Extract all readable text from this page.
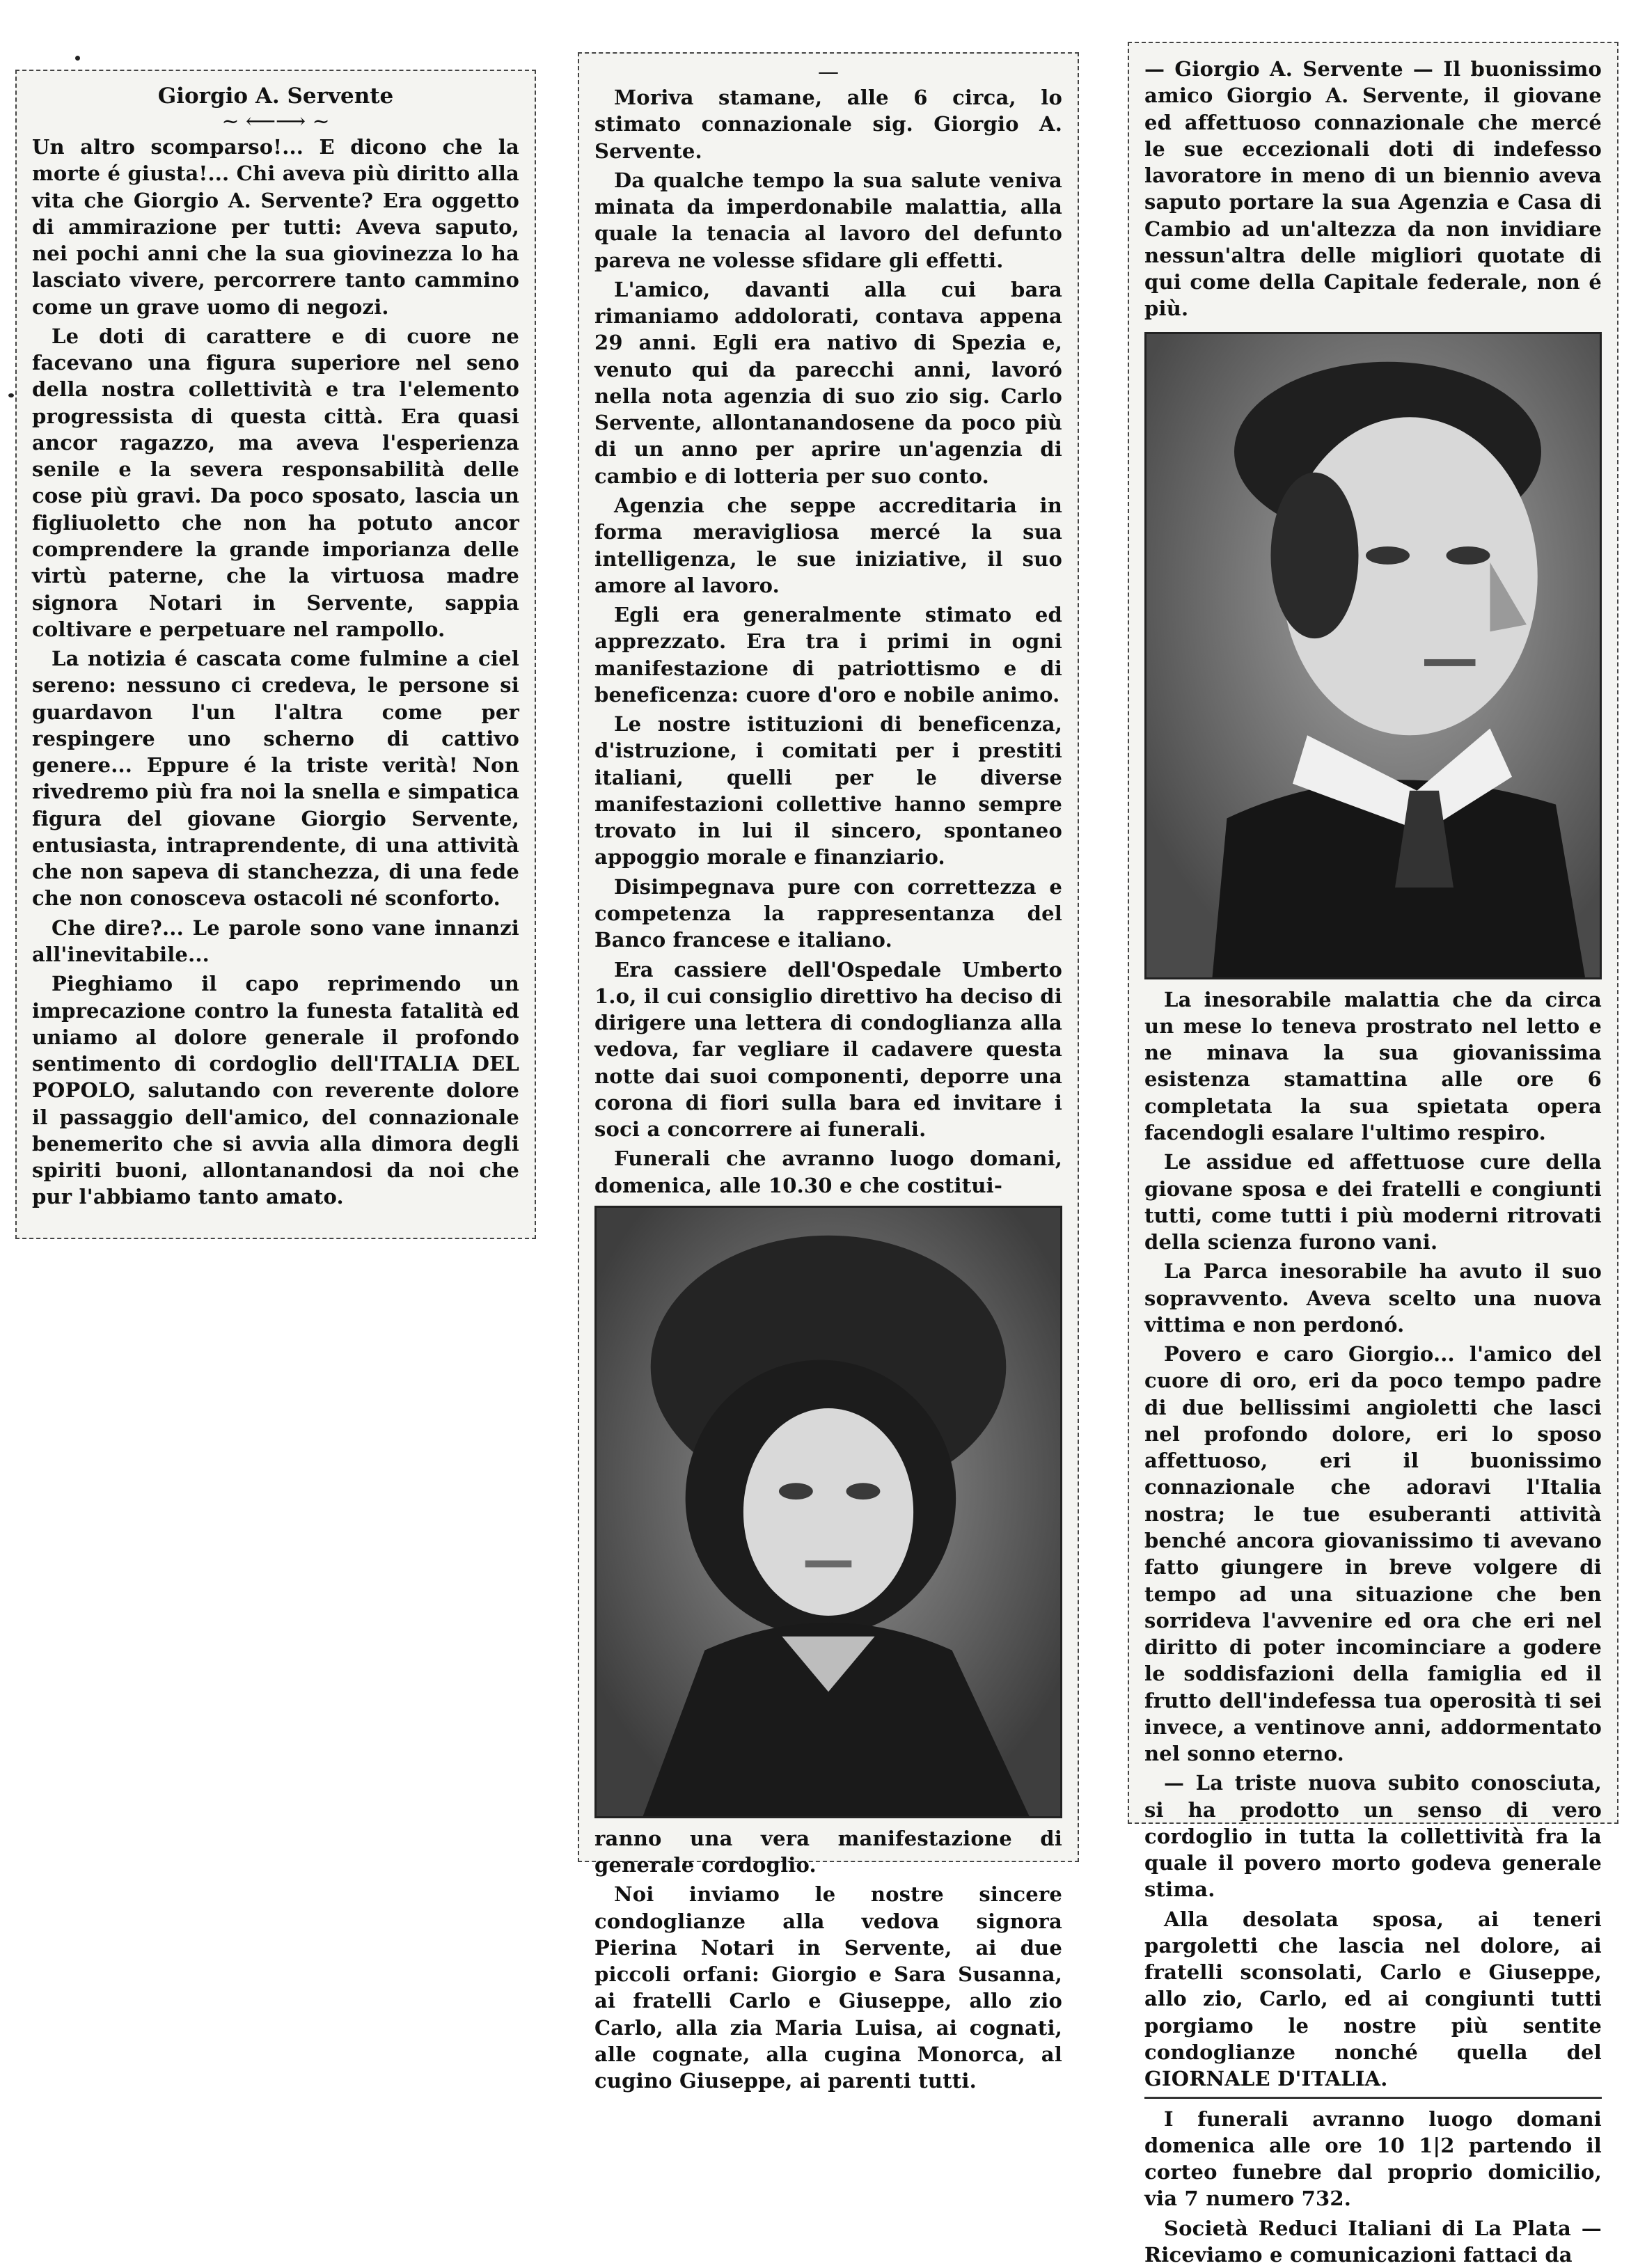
Giorgio A. Servente
~ ⟵⟶ ~

Un altro scomparso!... E dicono che la morte é giusta!... Chi aveva più diritto alla vita che Giorgio A. Servente? Era oggetto di ammirazione per tutti: Aveva saputo, nei pochi anni che la sua giovinezza lo ha lasciato vivere, percorrere tanto cammino come un grave uomo di negozi.

Le doti di carattere e di cuore ne facevano una figura superiore nel seno della nostra collettività e tra l'elemento progressista di questa città. Era quasi ancor ragazzo, ma aveva l'esperienza senile e la severa responsabilità delle cose più gravi. Da poco sposato, lascia un figliuoletto che non ha potuto ancor comprendere la grande imporianza delle virtù paterne, che la virtuosa madre signora Notari in Servente, sappia coltivare e perpetuare nel rampollo.

La notizia é cascata come fulmine a ciel sereno: nessuno ci credeva, le persone si guardavon l'un l'altra come per respingere uno scherno di cattivo genere... Eppure é la triste verità! Non rivedremo più fra noi la snella e simpatica figura del giovane Giorgio Servente, entusiasta, intraprendente, di una attività che non sapeva di stanchezza, di una fede che non conosceva ostacoli né sconforto.

Che dire?... Le parole sono vane innanzi all'inevitabile...

Pieghiamo il capo reprimendo un imprecazione contro la funesta fatalità ed uniamo al dolore generale il profondo sentimento di cordoglio dell'ITALIA DEL POPOLO, salutando con reverente dolore il passaggio dell'amico, del connazionale benemerito che si avvia alla dimora degli spiriti buoni, allontanandosi da noi che pur l'abbiamo tanto amato.

—

Moriva stamane, alle 6 circa, lo stimato connazionale sig. Giorgio A. Servente.

Da qualche tempo la sua salute veniva minata da imperdonabile malattia, alla quale la tenacia al lavoro del defunto pareva ne volesse sfidare gli effetti.

L'amico, davanti alla cui bara rimaniamo addolorati, contava appena 29 anni. Egli era nativo di Spezia e, venuto qui da parecchi anni, lavoró nella nota agenzia di suo zio sig. Carlo Servente, allontanandosene da poco più di un anno per aprire un'agenzia di cambio e di lotteria per suo conto.

Agenzia che seppe accreditaria in forma meravigliosa mercé la sua intelligenza, le sue iniziative, il suo amore al lavoro.

Egli era generalmente stimato ed apprezzato. Era tra i primi in ogni manifestazione di patriottismo e di beneficenza: cuore d'oro e nobile animo.

Le nostre istituzioni di beneficenza, d'istruzione, i comitati per i prestiti italiani, quelli per le diverse manifestazioni collettive hanno sempre trovato in lui il sincero, spontaneo appoggio morale e finanziario.

Disimpegnava pure con correttezza e competenza la rappresentanza del Banco francese e italiano.

Era cassiere dell'Ospedale Umberto 1.o, il cui consiglio direttivo ha deciso di dirigere una lettera di condoglianza alla vedova, far vegliare il cadavere questa notte dai suoi componenti, deporre una corona di fiori sulla bara ed invitare i soci a concorrere ai funerali.

Funerali che avranno luogo domani, domenica, alle 10.30 e che costitui-

ranno una vera manifestazione di generale cordoglio.

Noi inviamo le nostre sincere condoglianze alla vedova signora Pierina Notari in Servente, ai due piccoli orfani: Giorgio e Sara Susanna, ai fratelli Carlo e Giuseppe, allo zio Carlo, alla zia Maria Luisa, ai cognati, alle cognate, alla cugina Monorca, al cugino Giuseppe, ai parenti tutti.

— Giorgio A. Servente — Il buonissimo amico Giorgio A. Servente, il giovane ed affettuoso connazionale che mercé le sue eccezionali doti di indefesso lavoratore in meno di un biennio aveva saputo portare la sua Agenzia e Casa di Cambio ad un'altezza da non invidiare nessun'altra delle migliori quotate di qui come della Capitale federale, non é più.

La inesorabile malattia che da circa un mese lo teneva prostrato nel letto e ne minava la sua giovanissima esistenza stamattina alle ore 6 completata la sua spietata opera facendogli esalare l'ultimo respiro.

Le assidue ed affettuose cure della giovane sposa e dei fratelli e congiunti tutti, come tutti i più moderni ritrovati della scienza furono vani.

La Parca inesorabile ha avuto il suo sopravvento. Aveva scelto una nuova vittima e non perdonó.

Povero e caro Giorgio... l'amico del cuore di oro, eri da poco tempo padre di due bellissimi angioletti che lasci nel profondo dolore, eri lo sposo affettuoso, eri il buonissimo connazionale che adoravi l'Italia nostra; le tue esuberanti attività benché ancora giovanissimo ti avevano fatto giungere in breve volgere di tempo ad una situazione che ben sorrideva l'avvenire ed ora che eri nel diritto di poter incominciare a godere le soddisfazioni della famiglia ed il frutto dell'indefessa tua operosità ti sei invece, a ventinove anni, addormentato nel sonno eterno.

— La triste nuova subito conosciuta, si ha prodotto un senso di vero cordoglio in tutta la collettività fra la quale il povero morto godeva generale stima.

Alla desolata sposa, ai teneri pargoletti che lascia nel dolore, ai fratelli sconsolati, Carlo e Giuseppe, allo zio, Carlo, ed ai congiunti tutti porgiamo le nostre più sentite condoglianze nonché quella del GIORNALE D'ITALIA.

I funerali avranno luogo domani domenica alle ore 10 1|2 partendo il corteo funebre dal proprio domicilio, via 7 numero 732.

Società Reduci Italiani di La Plata — Riceviamo e comunicazioni fattaci da
